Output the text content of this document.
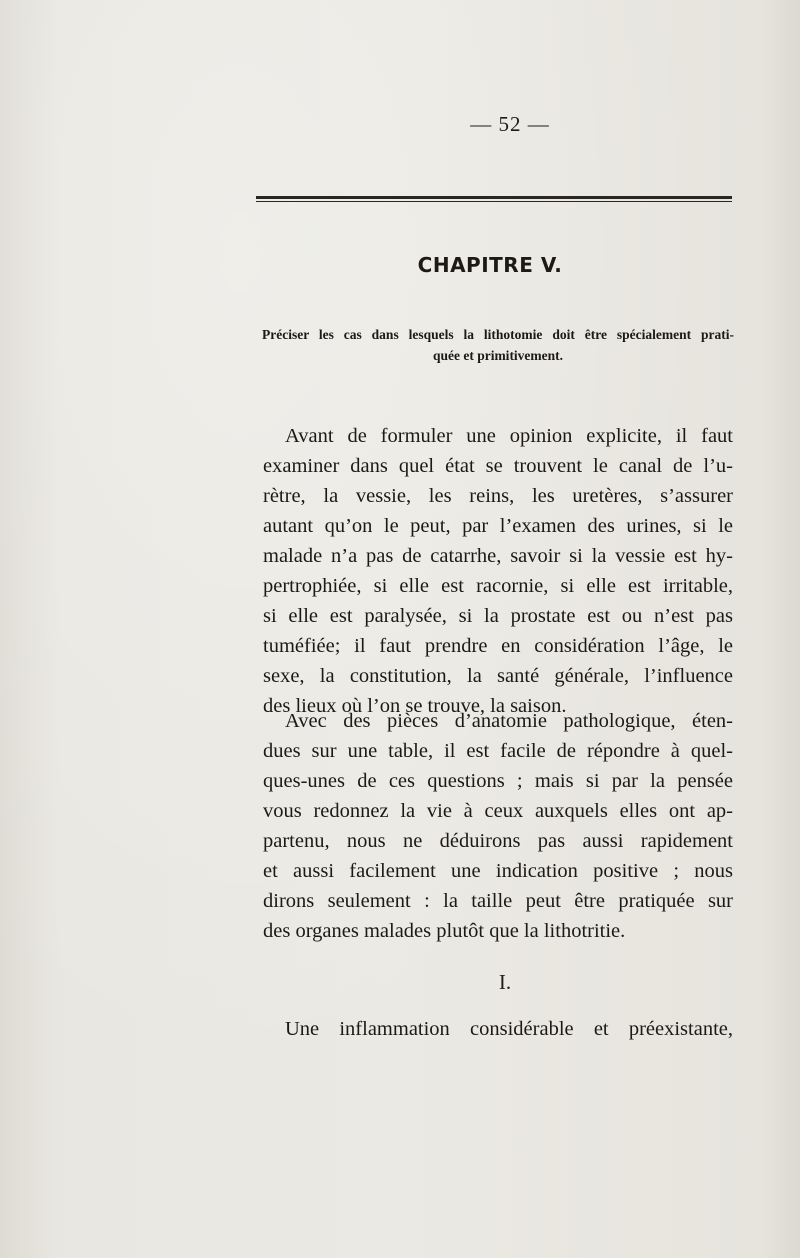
— 52 —
CHAPITRE V.
Préciser les cas dans lesquels la lithotomie doit être spécialement prati-
quée et primitivement.
Avant de formuler une opinion explicite, il faut
examiner dans quel état se trouvent le canal de l’u-
rètre, la vessie, les reins, les uretères, s’assurer
autant qu’on le peut, par l’examen des urines, si le
malade n’a pas de catarrhe, savoir si la vessie est hy-
pertrophiée, si elle est racornie, si elle est irritable,
si elle est paralysée, si la prostate est ou n’est pas
tuméfiée; il faut prendre en considération l’âge, le
sexe, la constitution, la santé générale, l’influence
des lieux où l’on se trouve, la saison.
Avec des pièces d’anatomie pathologique, éten-
dues sur une table, il est facile de répondre à quel-
ques-unes de ces questions ; mais si par la pensée
vous redonnez la vie à ceux auxquels elles ont ap-
partenu, nous ne déduirons pas aussi rapidement
et aussi facilement une indication positive ; nous
dirons seulement : la taille peut être pratiquée sur
des organes malades plutôt que la lithotritie.
I.
Une inflammation considérable et préexistante,
